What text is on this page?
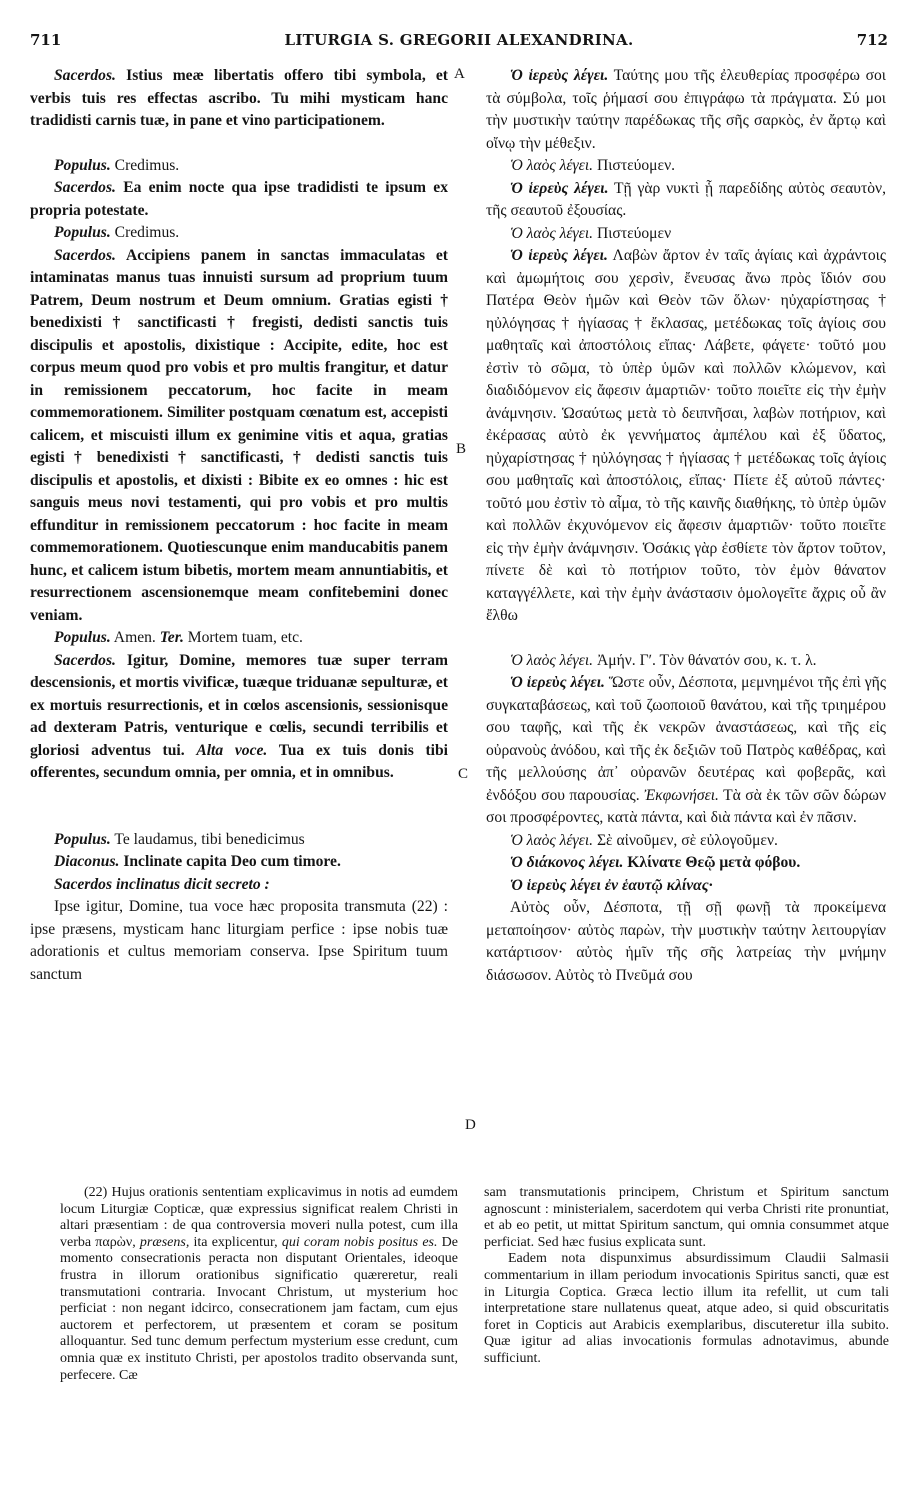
711	LITURGIA S. GREGORII ALEXANDRINA.	712
A
B
C
D

Sacerdos. Istius meæ libertatis offero tibi symbola, et verbis tuis res effectas ascribo. Tu mihi mysticam hanc tradidisti carnis tuæ, in pane et vino participationem.

Populus. Credimus.

Sacerdos. Ea enim nocte qua ipse tradidisti te ipsum ex propria potestate.

Populus. Credimus.

Sacerdos. Accipiens panem in sanctas immaculatas et intaminatas manus tuas innuisti sursum ad proprium tuum Patrem, Deum nostrum et Deum omnium. Gratias egisti † benedixisti † sanctificasti † fregisti, dedisti sanctis tuis discipulis et apostolis, dixistique : Accipite, edite, hoc est corpus meum quod pro vobis et pro multis frangitur, et datur in remissionem peccatorum, hoc facite in meam commemorationem. Similiter postquam cœnatum est, accepisti calicem, et miscuisti illum ex genimine vitis et aqua, gratias egisti † benedixisti † sanctificasti, † dedisti sanctis tuis discipulis et apostolis, et dixisti : Bibite ex eo omnes : hic est sanguis meus novi testamenti, qui pro vobis et pro multis effunditur in remissionem peccatorum : hoc facite in meam commemorationem. Quotiescunque enim manducabitis panem hunc, et calicem istum bibetis, mortem meam annuntiabitis, et resurrectionem ascensionemque meam confitebemini donec veniam.

Populus. Amen. Ter. Mortem tuam, etc.

Sacerdos. Igitur, Domine, memores tuæ super terram descensionis, et mortis vivificæ, tuæque triduanæ sepulturæ, et ex mortuis resurrectionis, et in cœlos ascensionis, sessionisque ad dexteram Patris, venturique e cœlis, secundi terribilis et gloriosi adventus tui. Alta voce. Tua ex tuis donis tibi offerentes, secundum omnia, per omnia, et in omnibus.

Populus. Te laudamus, tibi benedicimus

Diaconus. Inclinate capita Deo cum timore.

Sacerdos inclinatus dicit secreto :

Ipse igitur, Domine, tua voce hæc proposita transmuta (22) : ipse præsens, mysticam hanc liturgiam perfice : ipse nobis tuæ adorationis et cultus memoriam conserva. Ipse Spiritum tuum sanctum

Ὁ ἱερεὺς λέγει. Ταύτης μου τῆς ἐλευθερίας προσφέρω σοι τὰ σύμβολα, τοῖς ῥήμασί σου ἐπιγράφω τὰ πράγματα. Σύ μοι τὴν μυστικὴν ταύτην παρέδωκας τῆς σῆς σαρκὸς, ἐν ἄρτῳ καὶ οἴνῳ τὴν μέθεξιν.

Ὁ λαὸς λέγει. Πιστεύομεν.

Ὁ ἱερεὺς λέγει. Τῇ γὰρ νυκτὶ ᾗ παρεδίδης αὐτὸς σεαυτὸν, τῆς σεαυτοῦ ἐξουσίας.

Ὁ λαὸς λέγει. Πιστεύομεν

Ὁ ἱερεὺς λέγει. Λαβὼν ἄρτον ἐν ταῖς ἁγίαις καὶ ἀχράντοις καὶ ἀμωμήτοις σου χερσὶν, ἔνευσας ἄνω πρὸς ἴδιόν σου Πατέρα Θεὸν ἡμῶν καὶ Θεὸν τῶν ὅλων· ηὐχαρίστησας † ηὐλόγησας † ἡγίασας † ἔκλασας, μετέδωκας τοῖς ἁγίοις σου μαθηταῖς καὶ ἀποστόλοις εἴπας· Λάβετε, φάγετε· τοῦτό μου ἐστὶν τὸ σῶμα, τὸ ὑπὲρ ὑμῶν καὶ πολλῶν κλώμενον, καὶ διαδιδόμενον εἰς ἄφεσιν ἁμαρτιῶν· τοῦτο ποιεῖτε εἰς τὴν ἐμὴν ἀνάμνησιν. Ὡσαύτως μετὰ τὸ δειπνῆσαι, λαβὼν ποτήριον, καὶ ἐκέρασας αὐτὸ ἐκ γεννήματος ἀμπέλου καὶ ἐξ ὕδατος, ηὐχαρίστησας † ηὐλόγησας † ἡγίασας † μετέδωκας τοῖς ἁγίοις σου μαθηταῖς καὶ ἀποστόλοις, εἴπας· Πίετε ἐξ αὐτοῦ πάντες· τοῦτό μου ἐστὶν τὸ αἷμα, τὸ τῆς καινῆς διαθήκης, τὸ ὑπὲρ ὑμῶν καὶ πολλῶν ἐκχυνόμενον εἰς ἄφεσιν ἁμαρτιῶν· τοῦτο ποιεῖτε εἰς τὴν ἐμὴν ἀνάμνησιν. Ὁσάκις γὰρ ἐσθίετε τὸν ἄρτον τοῦτον, πίνετε δὲ καὶ τὸ ποτήριον τοῦτο, τὸν ἐμὸν θάνατον καταγγέλλετε, καὶ τὴν ἐμὴν ἀνάστασιν ὁμολογεῖτε ἄχρις οὗ ἂν ἔλθω

Ὁ λαὸς λέγει. Ἀμήν. Γʹ. Τὸν θάνατόν σου, κ. τ. λ.

Ὁ ἱερεὺς λέγει. Ὥστε οὖν, Δέσποτα, μεμνημένοι τῆς ἐπὶ γῆς συγκαταβάσεως, καὶ τοῦ ζωοποιοῦ θανάτου, καὶ τῆς τριημέρου σου ταφῆς, καὶ τῆς ἐκ νεκρῶν ἀναστάσεως, καὶ τῆς εἰς οὐρανοὺς ἀνόδου, καὶ τῆς ἐκ δεξιῶν τοῦ Πατρὸς καθέδρας, καὶ τῆς μελλούσης ἀπ᾽ οὐρανῶν δευτέρας καὶ φοβερᾶς, καὶ ἐνδόξου σου παρουσίας. Ἐκφωνήσει. Τὰ σὰ ἐκ τῶν σῶν δώρων σοι προσφέροντες, κατὰ πάντα, καὶ διὰ πάντα καὶ ἐν πᾶσιν.

Ὁ λαὸς λέγει. Σὲ αἰνοῦμεν, σὲ εὐλογοῦμεν.

Ὁ διάκονος λέγει. Κλίνατε Θεῷ μετὰ φόβου.

Ὁ ἱερεὺς λέγει ἐν ἑαυτῷ κλίνας·

Αὐτὸς οὖν, Δέσποτα, τῇ σῇ φωνῇ τὰ προκείμενα μεταποίησον· αὐτὸς παρὼν, τὴν μυστικὴν ταύτην λειτουργίαν κατάρτισον· αὐτὸς ἡμῖν τῆς σῆς λατρείας τὴν μνήμην διάσωσον. Αὐτὸς τὸ Πνεῦμά σου

(22) Hujus orationis sententiam explicavimus in notis ad eumdem locum Liturgiæ Copticæ, quæ expressius significat realem Christi in altari præsentiam : de qua controversia moveri nulla potest, cum illa verba παρὼν, præsens, ita explicentur, qui coram nobis positus es. De momento consecrationis peracta non disputant Orientales, ideoque frustra in illorum orationibus significatio quæreretur, reali transmutationi contraria. Invocant Christum, ut mysterium hoc perficiat : non negant idcirco, consecrationem jam factam, cum ejus auctorem et perfectorem, ut præsentem et coram se positum alloquantur. Sed tunc demum perfectum mysterium esse credunt, cum omnia quæ ex instituto Christi, per apostolos tradito observanda sunt, perfecere. Cæ

sam transmutationis principem, Christum et Spiritum sanctum agnoscunt : ministerialem, sacerdotem qui verba Christi rite pronuntiat, et ab eo petit, ut mittat Spiritum sanctum, qui omnia consummet atque perficiat. Sed hæc fusius explicata sunt.

Eadem nota dispunximus absurdissimum Claudii Salmasii commentarium in illam periodum invocationis Spiritus sancti, quæ est in Liturgia Coptica. Græca lectio illum ita refellit, ut cum tali interpretatione stare nullatenus queat, atque adeo, si quid obscuritatis foret in Copticis aut Arabicis exemplaribus, discuteretur illa subito. Quæ igitur ad alias invocationis formulas adnotavimus, abunde sufficiunt.
